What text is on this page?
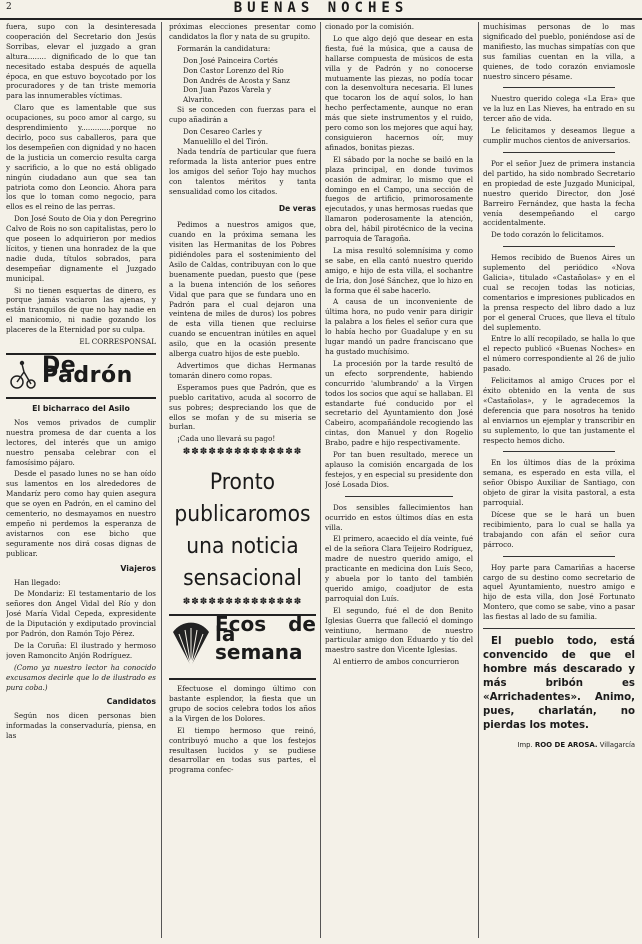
2	BUENAS NOCHES

fuera, supo con la desinteresada cooperación del Secretario don Jesús Sorribas, elevar el juzgado a gran altura........ dignificado de lo que tan necesitado estaba después de aquella época, en que estuvo boycotado por los procuradores y de tan triste memoria para las innumerables víctimas.

Claro que es lamentable que sus ocupaciones, su poco amor al cargo, su desprendimiento y.............porque no decirlo, poco sus caballeros, para que los desempeñen con dignidad y no hacen de la justicia un comercio resulta carga y sacrificio, a lo que no está obligado ningún ciudadano aun que sea tan patriota como don Leoncio. Ahora para los que lo toman como negocio, para ellos es el reino de las perras.

Don José Souto de Oia y don Peregrino Calvo de Rois no son capitalistas, pero lo que poseen lo adquirieron por medios lícitos, y tienen una honradez de la que nadie duda, títulos sobrados, para desempeñar dignamente el Juzgado municipal.

Si no tienen esquertas de dinero, es porque jamás vaciaron las ajenas, y están tranquilos de que no hay nadie en el manicomio, ni nadie gozando los placeres de la Eternidad por su culpa.

EL CORRESPONSAL

De Padrón
El bicharraco del Asilo

Nos vemos privados de cumplir nuestra promesa de dar cuenta a los lectores, del interés que un amigo nuestro pensaba celebrar con el famosísimo pájaro.

Desde el pasado lunes no se han oído sus lamentos en los alrededores de Mandaríz pero como hay quien asegura que se oyen en Padrón, en el camino del cementerio, no desmayamos en nuestro empeño ni perdemos la esperanza de avistarnos con ese bicho que seguramente nos dirá cosas dignas de publicar.

Viajeros

Han llegado:

De Mondariz: El testamentario de los señores don Angel Vidal del Río y don José María Vidal Cepeda, expresidente de la Diputación y exdiputado provincial por Padrón, don Ramón Tojo Pérez.

De la Coruña: El ilustrado y hermoso joven Ramoncito Anjón Rodríguez.

(Como ya nuestro lector ha conocido excusamos decirle que lo de ilustrado es pura coba.)

Candidatos

Según nos dicen personas bien informadas la conservaduría, piensa, en las

próximas elecciones presentar como candidatos la flor y nata de su grupito.

Formarán la candidatura:

Don José Painceira Cortés
Don Castor Lorenzo del Río
Don Andrés de Acosta y Sanz
Don Juan Pazos Varela y
Alvarito.

Si se conceden con fuerzas para el cupo añadirán a

Don Cesareo Carles y
Manuelillo el del Tirón.

Nada tendría de particular que fuera reformada la lista anterior pues entre los amigos del señor Tojo hay muchos con talentos méritos y tanta sensualidad como los citados.

De veras

Pedimos a nuestros amigos que, cuando en la próxima semana les visiten las Hermanitas de los Pobres pidiéndoles para el sostenimiento del Asilo de Caldas, contribuyan con lo que buenamente puedan, puesto que (pese a la buena intención de los señores Vidal que para que se fundara uno en Padrón para el cual dejaron una veintena de miles de duros) los pobres de esta villa tienen que recluirse cuando se encuentran inútiles en aquel asilo, que en la ocasión presente alberga cuatro hijos de este pueblo.

Advertimos que dichas Hermanas tomarán dinero como ropas.

Esperamos pues que Padrón, que es pueblo caritativo, acuda al socorro de sus pobres; despreciando los que de ellos se mofan y de su miseria se burlan.

¡Cada uno llevará su pago!

✽✽✽✽✽✽✽✽✽✽✽✽✽✽
Pronto
publicaromos
una noticia
sensacional
✽✽✽✽✽✽✽✽✽✽✽✽✽✽
Ecos de la
semana

Efectuose el domingo último con bastante esplendor, la fiesta que un grupo de socios celebra todos los años a la Virgen de los Dolores.

El tiempo hermoso que reinó, contribuyó mucho a que los festejos resultasen lucidos y se pudiese desarrollar en todas sus partes, el programa confec-

cionado por la comisión.

Lo que algo dejó que desear en esta fiesta, fué la música, que a causa de hallarse compuesta de músicos de esta villa y de Padrón y no conocerse mutuamente las piezas, no podía tocar con la desenvoltura necesaria. El lunes que tocaron los de aquí solos, lo han hecho perfectamente, aunque no eran más que siete instrumentos y el ruido, pero como son los mejores que aquí hay, consiguieron hacernos oír, muy afinados, bonitas piezas.

El sábado por la noche se bailó en la plaza principal, en donde tuvimos ocasión de admirar, lo mismo que el domingo en el Campo, una sección de fuegos de artificio, primorosamente ejecutados, y unas hermosas ruedas que llamaron poderosamente la atención, obra del, hábil pirotécnico de la vecina parroquia de Taragoña.

La misa resultó solemnísima y como se sabe, en ella cantó nuestro querido amigo, e hijo de esta villa, el sochantre de Iria, don José Sánchez, que lo hizo en la forma que él sabe hacerlo.

A causa de un inconveniente de última hora, no pudo venir para dirigir la palabra a los fieles el señor cura que lo había hecho por Guadalupe y en su lugar mandó un padre franciscano que ha gustado muchísimo.

La procesión por la tarde resultó de un efecto sorprendente, habiendo concurrido 'alumbrando' a la Virgen todos los socios que aquí se hallaban. El estandarte fué conducido por el secretario del Ayuntamiento don José Cabeiro, acompañándole recogiendo las cintas, don Manuel y don Rogelio Brabo, padre e hijo respectivamente.

Por tan buen resultado, merece un aplauso la comisión encargada de los festejos, y en especial su presidente don José Losada Dios.

Dos sensibles fallecimientos han ocurrido en estos últimos días en esta villa.

El primero, acaecido el día veinte, fué el de la señora Clara Teijeiro Rodríguez, madre de nuestro querido amigo, el practicante en medicina don Luís Seco, y abuela por lo tanto del también querido amigo, coadjutor de esta parroquial don Luís.

El segundo, fué el de don Benito Iglesias Guerra que falleció el domingo veintiuno, hermano de nuestro particular amigo don Eduardo y tío del maestro sastre don Vicente Iglesias.

Al entierro de ambos concurrieron

muchísimas personas de lo mas significado del pueblo, poniéndose así de manifiesto, las muchas simpatías con que sus familias cuentan en la villa, a quienes, de todo corazón enviamosle nuestro sincero pésame.

Nuestro querido colega «La Era» que ve la luz en Las Nieves, ha entrado en su tercer año de vida.

Le felicitamos y deseamos llegue a cumplir muchos cientos de aniversarios.

Por el señor Juez de primera instancia del partido, ha sido nombrado Secretario en propiedad de este Juzgado Municipal, nuestro querido Director, don José Barreiro Fernández, que hasta la fecha venía desempeñando el cargo accidentalmente.

De todo corazón lo felicitamos.

Hemos recibido de Buenos Aires un suplemento del periódico «Nova Galicia», titulado «Castañolas» y en el cual se recojen todas las noticias, comentarios e impresiones publicados en la prensa respecto del libro dado a luz por el general Cruces, que lleva el título del suplemento.

Entre lo allí recopilado, se halla lo que el repecto publicó «Buenas Noches» en el número correspondiente al 26 de julio pasado.

Felicitamos al amigo Cruces por el éxito obtenido en la venta de sus «Castañolas», y le agradecemos la deferencia que para nosotros ha tenido al enviarnos un ejemplar y transcribir en su suplemento, lo que tan justamente el respecto hemos dicho.

En los últimos días de la próxima semana, es esperado en esta villa, el señor Obispo Auxiliar de Santiago, con objeto de girar la visita pastoral, a esta parroquial.

Dícese que se le hará un buen recibimiento, para lo cual se halla ya trabajando con afán el señor cura párroco.

Hoy parte para Camariñas a hacerse cargo de su destino como secretario de aquel Ayuntamiento, nuestro amigo e hijo de esta villa, don José Fortunato Montero, que como se sabe, vino a pasar las fiestas al lado de su familia.

El pueblo todo, está convencido de que el hombre más descarado y más bribón es «Arrichadentes». Animo, pues, charlatán, no pierdas los motes.

Imp. ROO DE AROSA. Villagarcía
